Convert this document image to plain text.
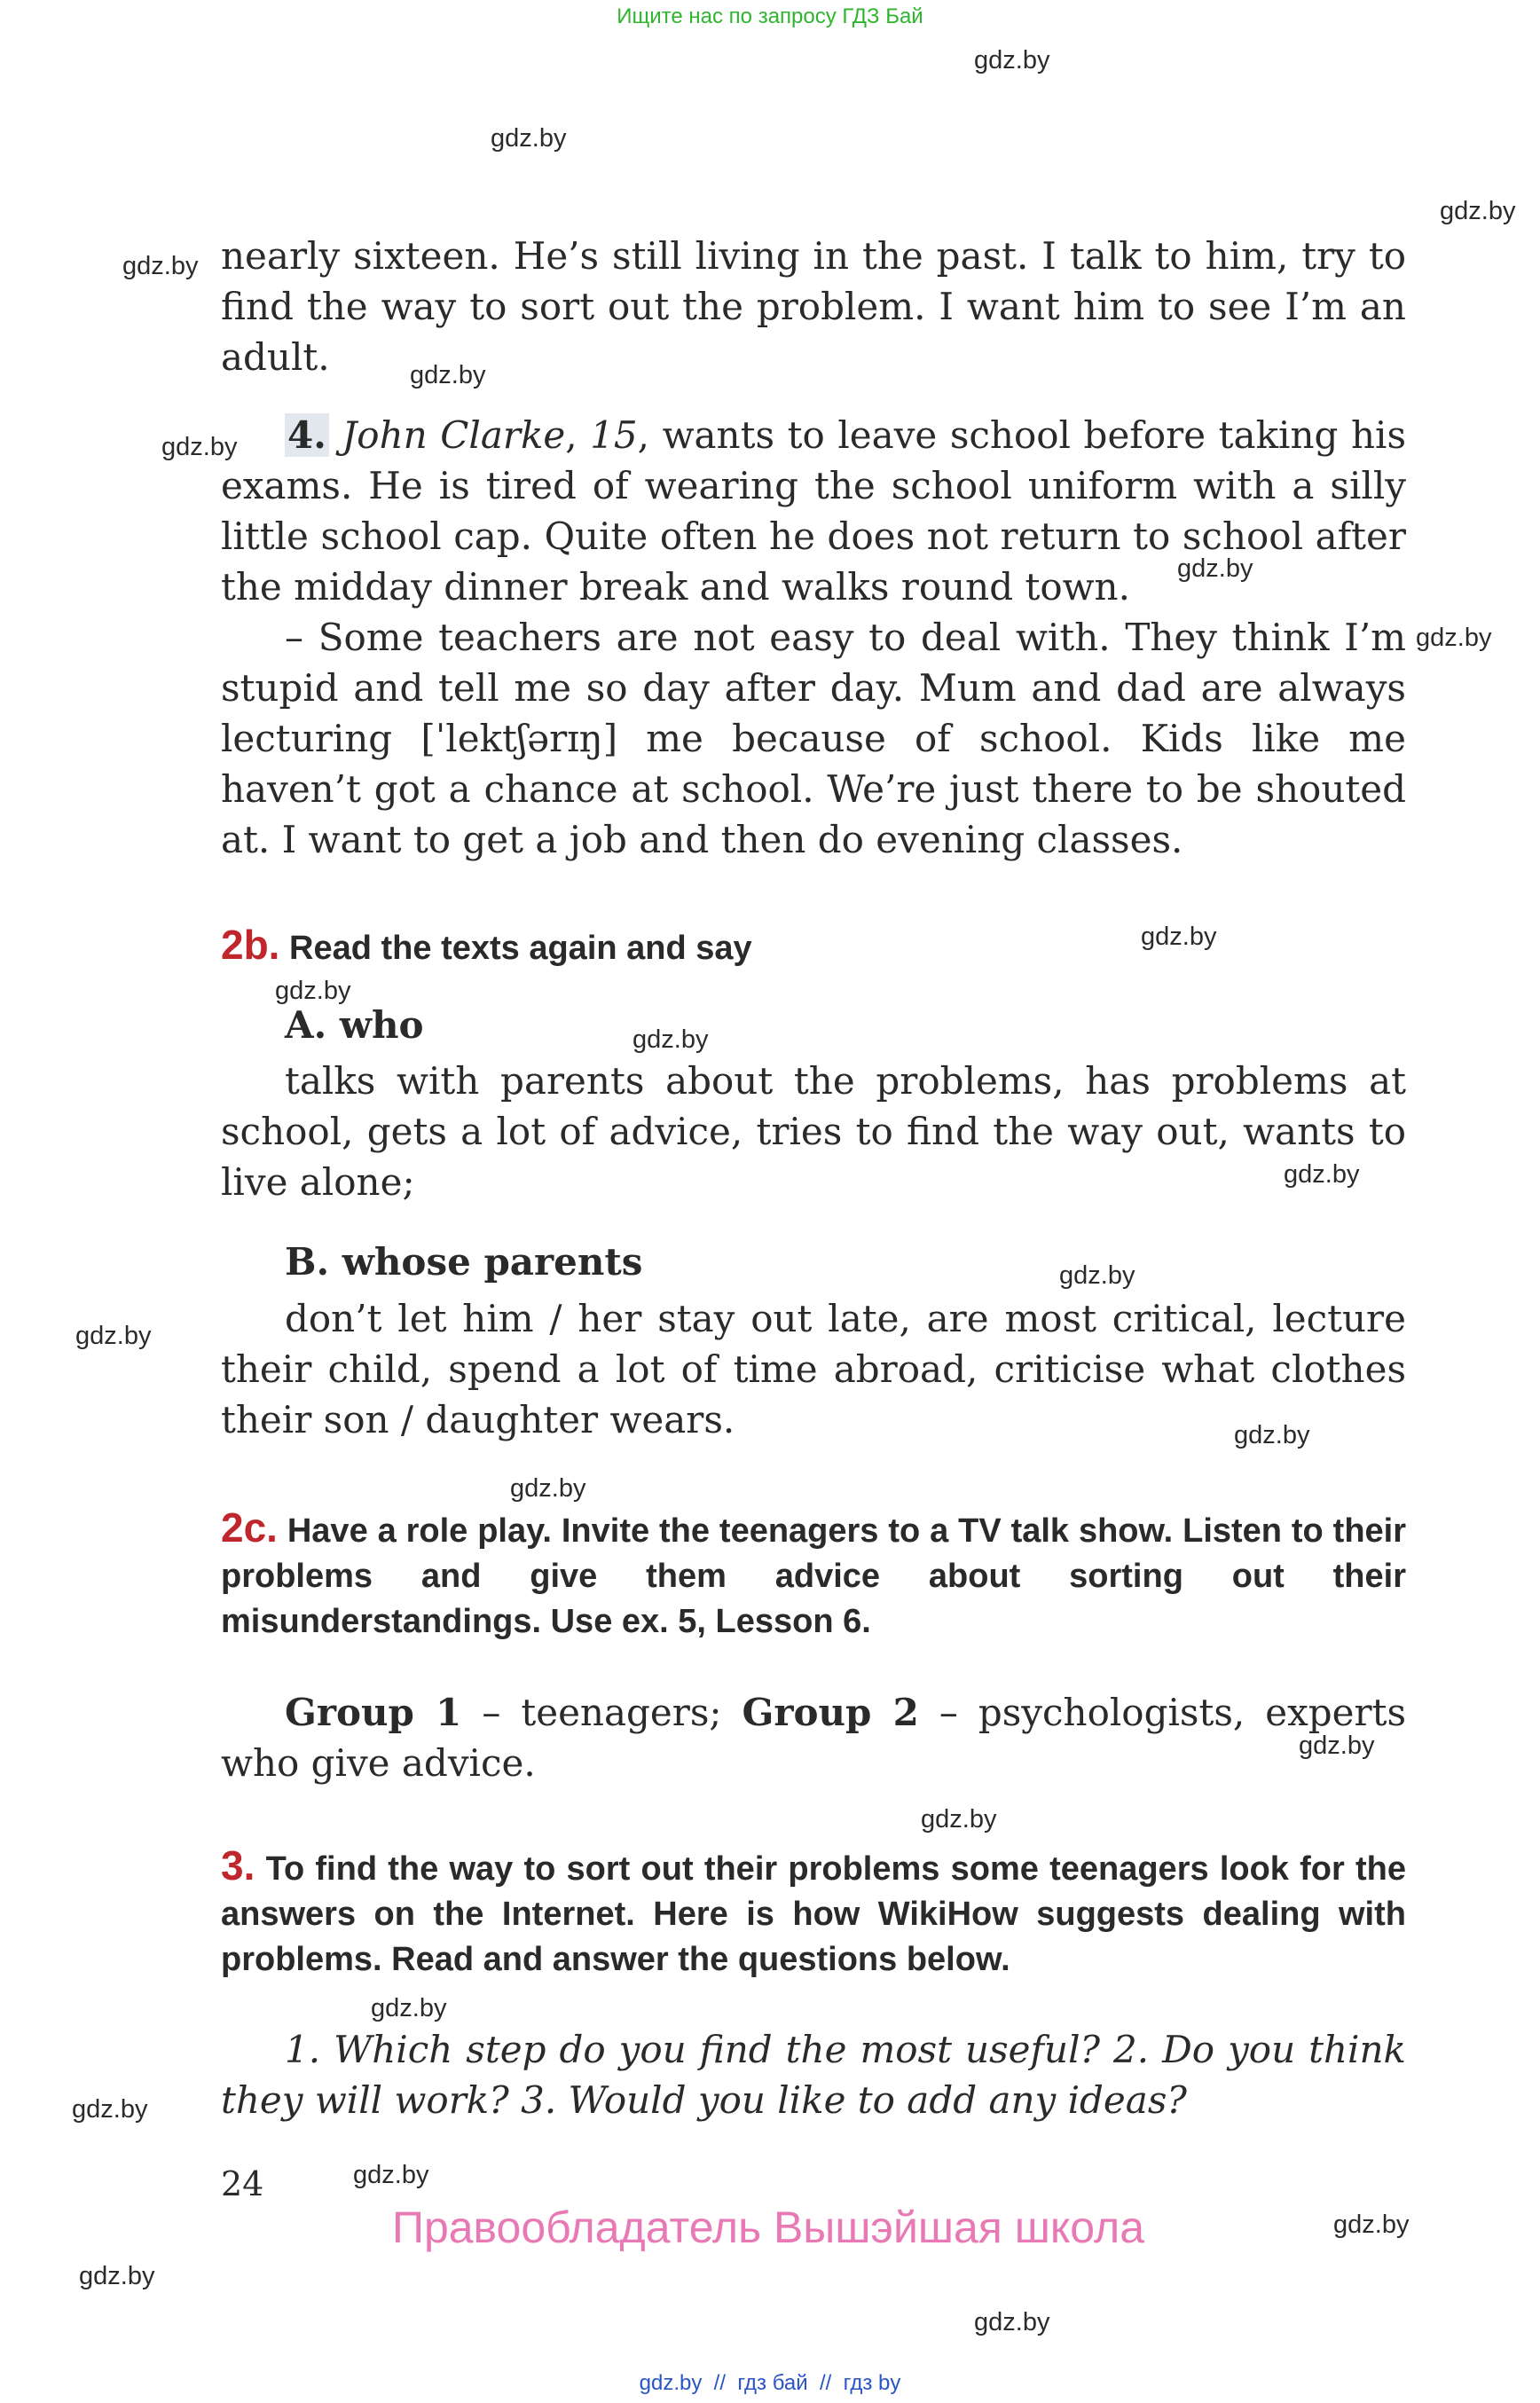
Ищите нас по запросу ГДЗ Бай
gdz.by
gdz.by
gdz.by
gdz.by
gdz.by
gdz.by
gdz.by
gdz.by
gdz.by
gdz.by
gdz.by
gdz.by
gdz.by
gdz.by
gdz.by
gdz.by
gdz.by
gdz.by
gdz.by
gdz.by
gdz.by
gdz.by
gdz.by
gdz.by

nearly sixteen. He’s still living in the past. I talk to him, try to find the way to sort out the problem. I want him to see I’m an adult.

4. John Clarke, 15, wants to leave school before taking his exams. He is tired of wearing the school uniform with a silly little school cap. Quite often he does not return to school after the midday dinner break and walks round town.

– Some teachers are not easy to deal with. They think I’m stupid and tell me so day after day. Mum and dad are always lecturing [ˈlektʃərɪŋ] me because of school. Kids like me haven’t got a chance at school. We’re just there to be shouted at. I want to get a job and then do evening classes.

2b. Read the texts again and say
A. who

talks with parents about the problems, has problems at school, gets a lot of advice, tries to find the way out, wants to live alone;

B. whose parents

don’t let him / her stay out late, are most critical, lecture their child, spend a lot of time abroad, criticise what clothes their son / daughter wears.

2c. Have a role play. Invite the teenagers to a TV talk show. Listen to their problems and give them advice about sorting out their misunderstandings. Use ex. 5, Lesson 6.

Group 1 – teenagers; Group 2 – psychologists, experts who give advice.

3. To find the way to sort out their problems some teenagers look for the answers on the Internet. Here is how WikiHow suggests dealing with problems. Read and answer the questions below.

1. Which step do you find the most useful? 2. Do you think they will work? 3. Would you like to add any ideas?

24
Правообладатель Вышэйшая школа
gdz.by  //  гдз бай  //  гдз by
